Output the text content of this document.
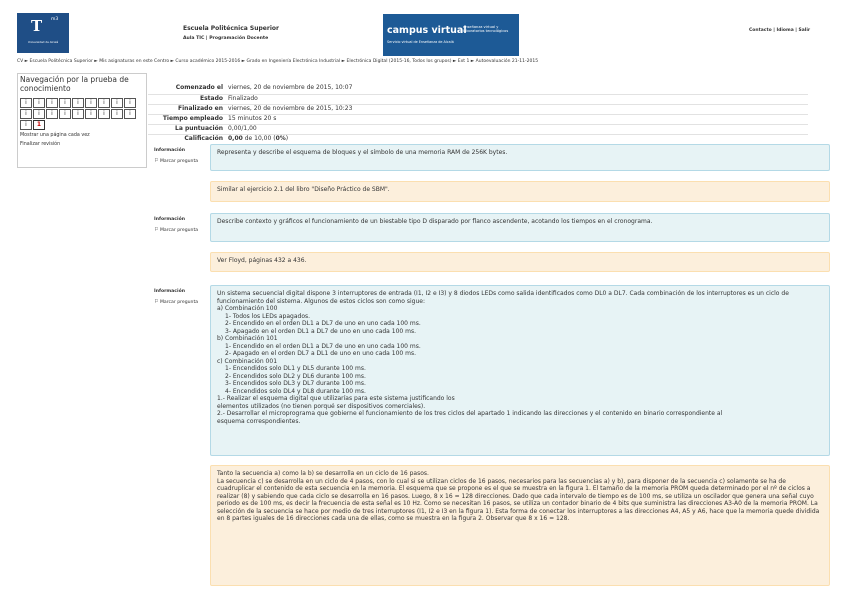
T m3
Universidad de Alcalá
Escuela Politécnica Superior
Aula TIC | Programación Docente
campus virtual
enseñanza virtual y laboratorios tecnológicos
Servicio virtual de Enseñanza de Alcalá
Contacto | Idioma | Salir
CV ► Escuela Politécnica Superior ► Mis asignaturas en este Centro ► Curso académico 2015-2016 ► Grado en Ingeniería Electrónica Industrial ► Electrónica Digital (2015-16, Todos los grupos) ► Ext 1 ► Autoevaluación 21-11-2015
Navegación por la prueba de conocimiento
i	i	i	i	i	i	i	i	i
i	i	i	i	i	i	i	i	i
i	1
Mostrar una página cada vez
Finalizar revisión
Comenzado el viernes, 20 de noviembre de 2015, 10:07
Estado Finalizado
Finalizado en viernes, 20 de noviembre de 2015, 10:23
Tiempo empleado 15 minutos 20 s
La puntuación 0,00/1,00
Calificación 0,00 de 10,00 (0%)
Información
⚐ Marcar pregunta
Representa y describe el esquema de bloques y el símbolo de una memoria RAM de 256K bytes.
Similar al ejercicio 2.1 del libro "Diseño Práctico de SBM".
Información
⚐ Marcar pregunta
Describe contexto y gráficos el funcionamiento de un biestable tipo D disparado por flanco ascendente, acotando los tiempos en el cronograma.
Ver Floyd, páginas 432 a 436.
Información
⚐ Marcar pregunta

Un sistema secuencial digital dispone 3 interruptores de entrada (I1, I2 e I3) y 8 diodos LEDs como salida identificados como DL0 a DL7. Cada combinación de los interruptores es un ciclo de funcionamiento del sistema. Algunos de estos ciclos son como sigue:

a) Combinación 100

1- Todos los LEDs apagados.

2- Encendido en el orden DL1 a DL7 de uno en uno cada 100 ms.

3- Apagado en el orden DL1 a DL7 de uno en uno cada 100 ms.

b) Combinación 101

1- Encendido en el orden DL1 a DL7 de uno en uno cada 100 ms.

2- Apagado en el orden DL7 a DL1 de uno en uno cada 100 ms.

c) Combinación 001

1- Encendidos solo DL1 y DL5 durante 100 ms.

2- Encendidos solo DL2 y DL6 durante 100 ms.

3- Encendidos solo DL3 y DL7 durante 100 ms.

4- Encendidos solo DL4 y DL8 durante 100 ms.

1.- Realizar el esquema digital que utilizarías para este sistema justificando los

elementos utilizados (no tienen porqué ser dispositivos comerciales).

2.- Desarrollar el microprograma que gobierne el funcionamiento de los tres ciclos del apartado 1 indicando las direcciones y el contenido en binario correspondiente al

esquema correspondientes.

Tanto la secuencia a) como la b) se desarrolla en un ciclo de 16 pasos.

La secuencia c) se desarrolla en un ciclo de 4 pasos, con lo cual si se utilizan ciclos de 16 pasos, necesarios para las secuencias a) y b), para disponer de la secuencia c) solamente se ha de cuadruplicar el contenido de esta secuencia en la memoria. El esquema que se propone es el que se muestra en la figura 1. El tamaño de la memoria PROM queda determinado por el nº de ciclos a realizar (8) y sabiendo que cada ciclo se desarrolla en 16 pasos. Luego, 8 x 16 = 128 direcciones. Dado que cada intervalo de tiempo es de 100 ms, se utiliza un oscilador que genera una señal cuyo periodo es de 100 ms, es decir la frecuencia de esta señal es 10 Hz. Como se necesitan 16 pasos, se utiliza un contador binario de 4 bits que suministra las direcciones A3-A0 de la memoria PROM. La selección de la secuencia se hace por medio de tres interruptores (I1, I2 e I3 en la figura 1). Esta forma de conectar los interruptores a las direcciones A4, A5 y A6, hace que la memoria quede dividida en 8 partes iguales de 16 direcciones cada una de ellas, como se muestra en la figura 2. Observar que 8 x 16 = 128.
